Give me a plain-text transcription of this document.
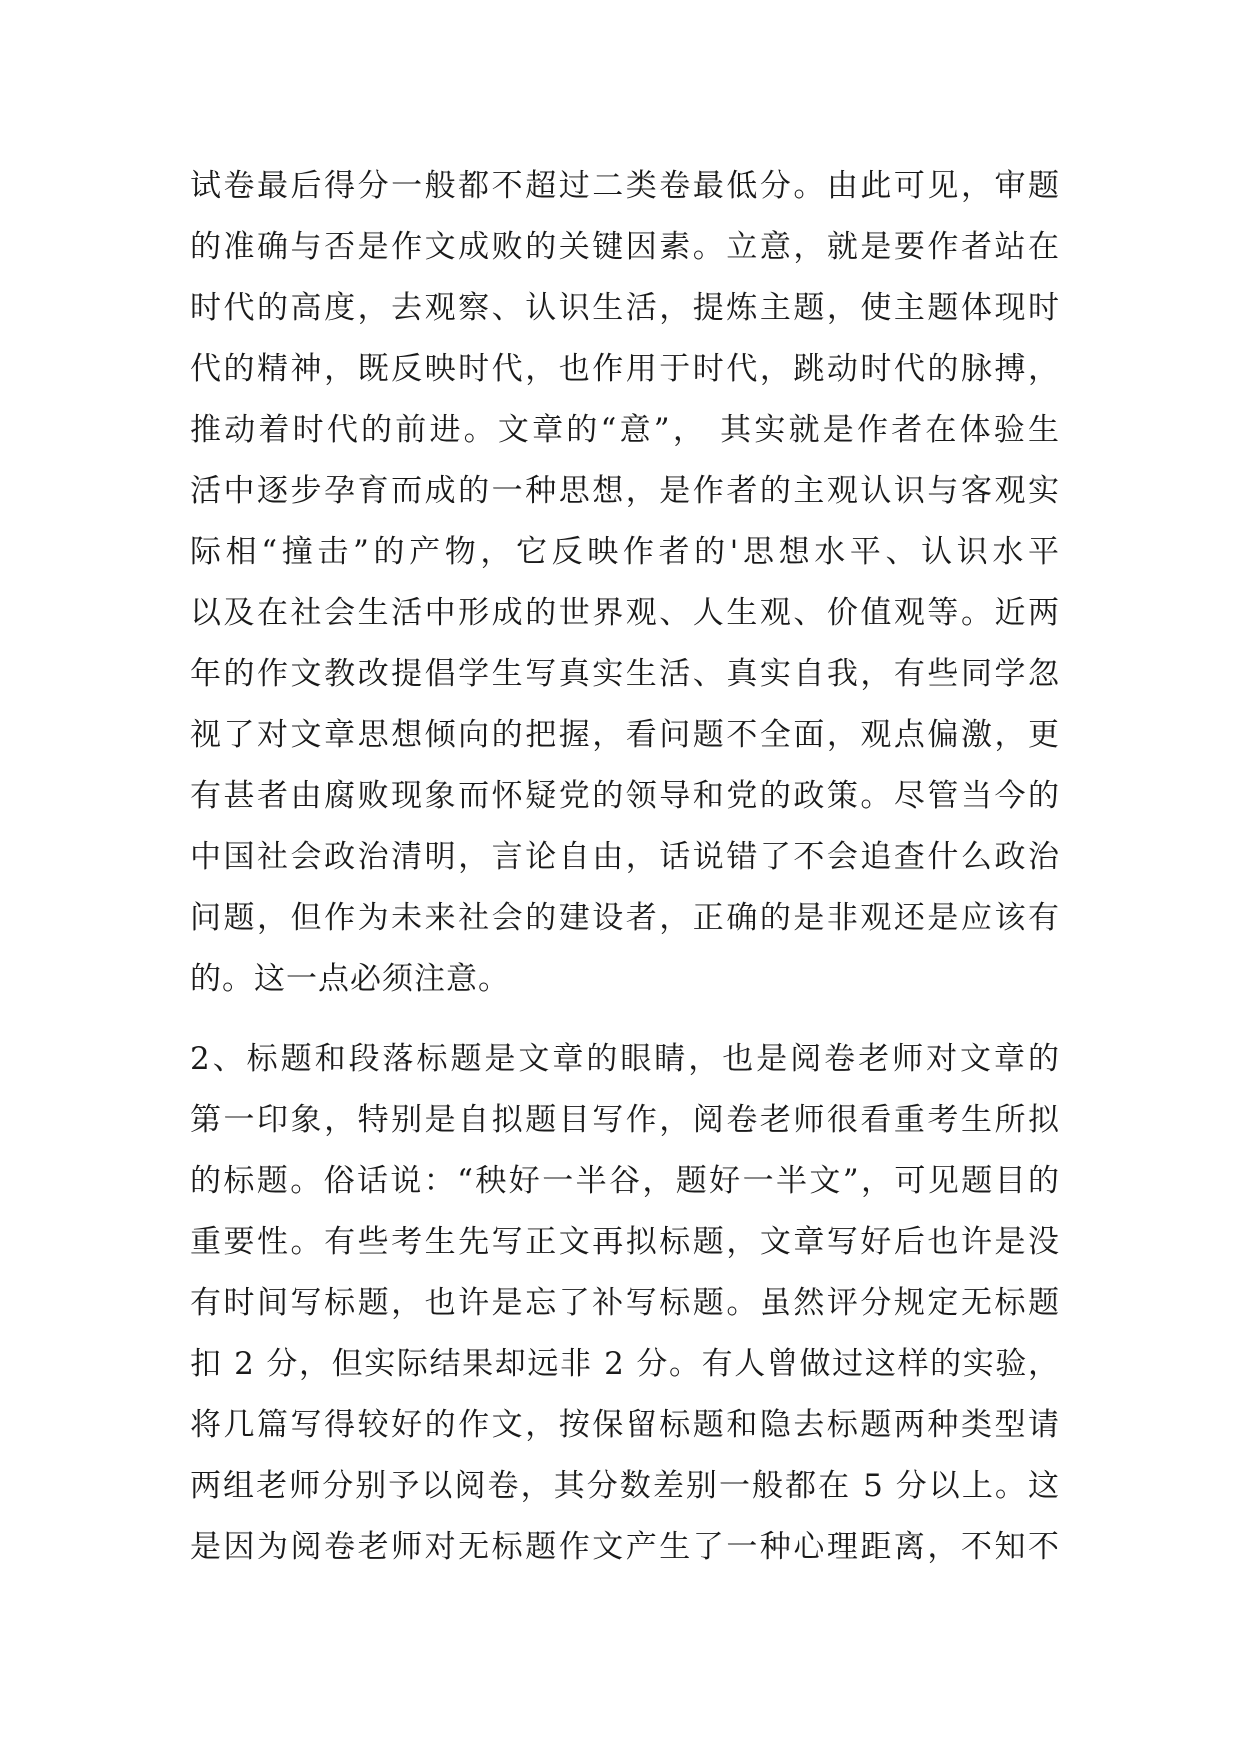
试卷最后得分一般都不超过二类卷最低分。由此可见，审题
的准确与否是作文成败的关键因素。立意，就是要作者站在
时代的高度，去观察、认识生活，提炼主题，使主题体现时
代的精神，既反映时代，也作用于时代，跳动时代的脉搏，
推动着时代的前进。文章的“意”， 其实就是作者在体验生
活中逐步孕育而成的一种思想，是作者的主观认识与客观实
际相“撞击”的产物，它反映作者的'思想水平、认识水平
以及在社会生活中形成的世界观、人生观、价值观等。近两
年的作文教改提倡学生写真实生活、真实自我，有些同学忽
视了对文章思想倾向的把握，看问题不全面，观点偏激，更
有甚者由腐败现象而怀疑党的领导和党的政策。尽管当今的
中国社会政治清明，言论自由，话说错了不会追查什么政治
问题，但作为未来社会的建设者，正确的是非观还是应该有
的。这一点必须注意。
2、标题和段落标题是文章的眼睛，也是阅卷老师对文章的
第一印象，特别是自拟题目写作，阅卷老师很看重考生所拟
的标题。俗话说：“秧好一半谷，题好一半文”，可见题目的
重要性。有些考生先写正文再拟标题，文章写好后也许是没
有时间写标题，也许是忘了补写标题。虽然评分规定无标题
扣 2 分，但实际结果却远非 2 分。有人曾做过这样的实验，
将几篇写得较好的作文，按保留标题和隐去标题两种类型请
两组老师分别予以阅卷，其分数差别一般都在 5 分以上。这
是因为阅卷老师对无标题作文产生了一种心理距离，不知不
